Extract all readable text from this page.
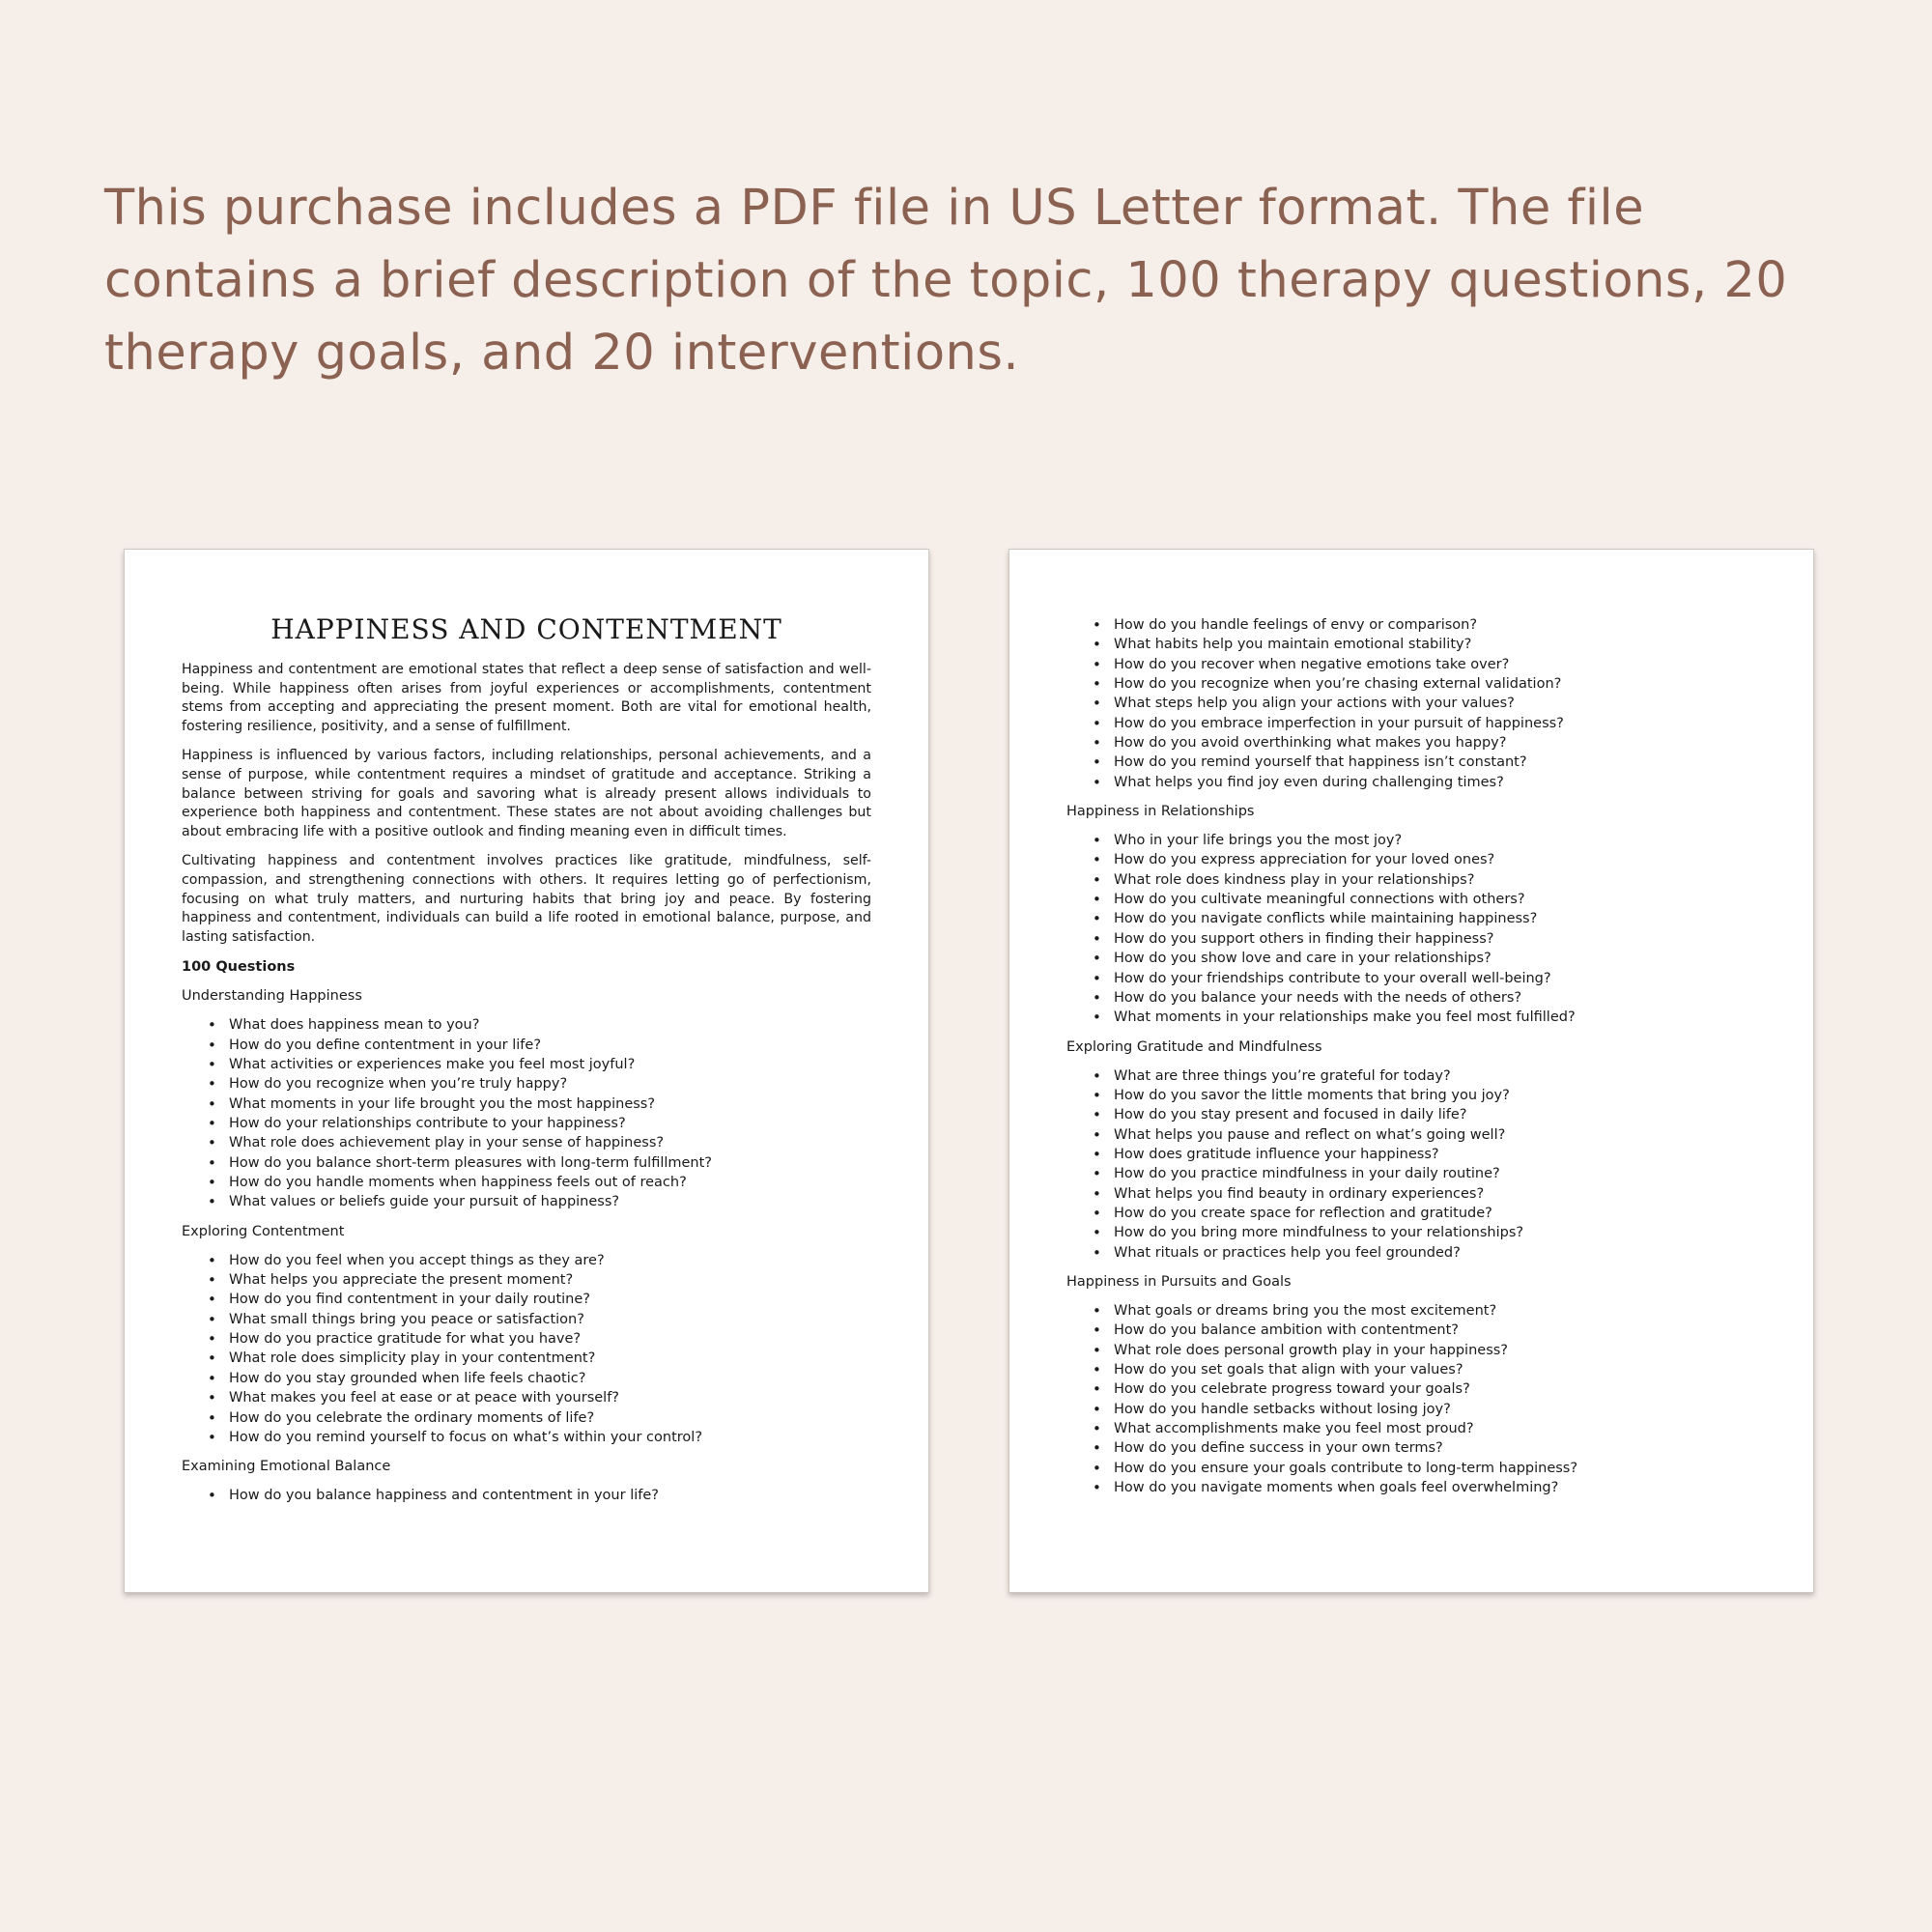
This purchase includes a PDF file in US Letter format. The file contains a brief description of the topic, 100 therapy questions, 20 therapy goals, and 20 interventions.

HAPPINESS AND CONTENTMENT

Happiness and contentment are emotional states that reflect a deep sense of satisfaction and well-being. While happiness often arises from joyful experiences or accomplishments, contentment stems from accepting and appreciating the present moment. Both are vital for emotional health, fostering resilience, positivity, and a sense of fulfillment.

Happiness is influenced by various factors, including relationships, personal achievements, and a sense of purpose, while contentment requires a mindset of gratitude and acceptance. Striking a balance between striving for goals and savoring what is already present allows individuals to experience both happiness and contentment. These states are not about avoiding challenges but about embracing life with a positive outlook and finding meaning even in difficult times.

Cultivating happiness and contentment involves practices like gratitude, mindfulness, self-compassion, and strengthening connections with others. It requires letting go of perfectionism, focusing on what truly matters, and nurturing habits that bring joy and peace. By fostering happiness and contentment, individuals can build a life rooted in emotional balance, purpose, and lasting satisfaction.

100 Questions
Understanding Happiness
• What does happiness mean to you?
• How do you define contentment in your life?
• What activities or experiences make you feel most joyful?
• How do you recognize when you’re truly happy?
• What moments in your life brought you the most happiness?
• How do your relationships contribute to your happiness?
• What role does achievement play in your sense of happiness?
• How do you balance short-term pleasures with long-term fulfillment?
• How do you handle moments when happiness feels out of reach?
• What values or beliefs guide your pursuit of happiness?
Exploring Contentment
• How do you feel when you accept things as they are?
• What helps you appreciate the present moment?
• How do you find contentment in your daily routine?
• What small things bring you peace or satisfaction?
• How do you practice gratitude for what you have?
• What role does simplicity play in your contentment?
• How do you stay grounded when life feels chaotic?
• What makes you feel at ease or at peace with yourself?
• How do you celebrate the ordinary moments of life?
• How do you remind yourself to focus on what’s within your control?
Examining Emotional Balance
• How do you balance happiness and contentment in your life?
• How do you handle feelings of envy or comparison?
• What habits help you maintain emotional stability?
• How do you recover when negative emotions take over?
• How do you recognize when you’re chasing external validation?
• What steps help you align your actions with your values?
• How do you embrace imperfection in your pursuit of happiness?
• How do you avoid overthinking what makes you happy?
• How do you remind yourself that happiness isn’t constant?
• What helps you find joy even during challenging times?
Happiness in Relationships
• Who in your life brings you the most joy?
• How do you express appreciation for your loved ones?
• What role does kindness play in your relationships?
• How do you cultivate meaningful connections with others?
• How do you navigate conflicts while maintaining happiness?
• How do you support others in finding their happiness?
• How do you show love and care in your relationships?
• How do your friendships contribute to your overall well-being?
• How do you balance your needs with the needs of others?
• What moments in your relationships make you feel most fulfilled?
Exploring Gratitude and Mindfulness
• What are three things you’re grateful for today?
• How do you savor the little moments that bring you joy?
• How do you stay present and focused in daily life?
• What helps you pause and reflect on what’s going well?
• How does gratitude influence your happiness?
• How do you practice mindfulness in your daily routine?
• What helps you find beauty in ordinary experiences?
• How do you create space for reflection and gratitude?
• How do you bring more mindfulness to your relationships?
• What rituals or practices help you feel grounded?
Happiness in Pursuits and Goals
• What goals or dreams bring you the most excitement?
• How do you balance ambition with contentment?
• What role does personal growth play in your happiness?
• How do you set goals that align with your values?
• How do you celebrate progress toward your goals?
• How do you handle setbacks without losing joy?
• What accomplishments make you feel most proud?
• How do you define success in your own terms?
• How do you ensure your goals contribute to long-term happiness?
• How do you navigate moments when goals feel overwhelming?
